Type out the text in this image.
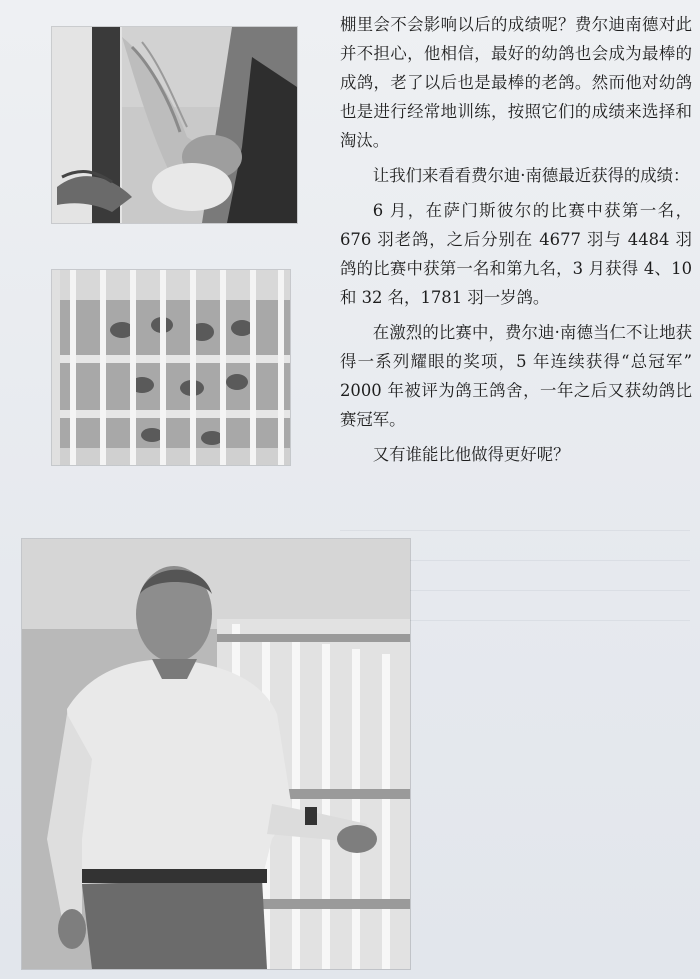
棚里会不会影响以后的成绩呢？费尔迪南德对此并不担心，他相信，最好的幼鸽也会成为最棒的成鸽，老了以后也是最棒的老鸽。然而他对幼鸽也是进行经常地训练，按照它们的成绩来选择和淘汰。

让我们来看看费尔迪·南德最近获得的成绩：

6 月，在萨门斯彼尔的比赛中获第一名，676 羽老鸽，之后分别在 4677 羽与 4484 羽鸽的比赛中获第一名和第九名，3 月获得 4、10 和 32 名，1781 羽一岁鸽。

在激烈的比赛中，费尔迪·南德当仁不让地获得一系列耀眼的奖项，5 年连续获得“总冠军” 2000 年被评为鸽王鸽舍，一年之后又获幼鸽比赛冠军。

又有谁能比他做得更好呢？
